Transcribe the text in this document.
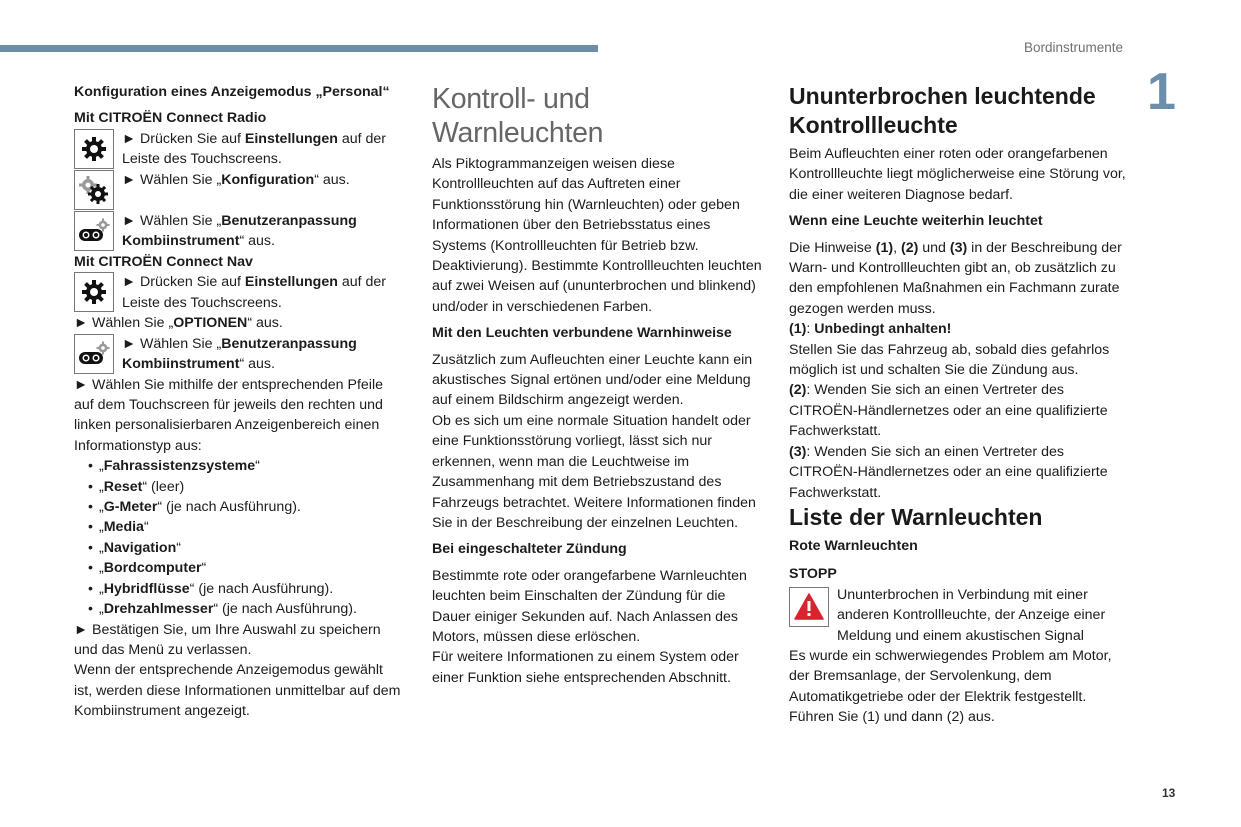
Bordinstrumente
1
13
Konfiguration eines Anzeigemodus „Personal“
Mit CITROËN Connect Radio

► Drücken Sie auf Einstellungen auf der Leiste des Touchscreens.

► Wählen Sie „Konfiguration“ aus.

► Wählen Sie „Benutzeranpassung Kombiinstrument“ aus.

Mit CITROËN Connect Nav

► Drücken Sie auf Einstellungen auf der Leiste des Touchscreens.

► Wählen Sie „OPTIONEN“ aus.

► Wählen Sie „Benutzeranpassung Kombiinstrument“ aus.

► Wählen Sie mithilfe der entsprechenden Pfeile auf dem Touchscreen für jeweils den rechten und linken personalisierbaren Anzeigenbereich einen Informationstyp aus:

• „Fahrassistenzsysteme“
• „Reset“ (leer)
• „G-Meter“ (je nach Ausführung).
• „Media“
• „Navigation“
• „Bordcomputer“
• „Hybridflüsse“ (je nach Ausführung).
• „Drehzahlmesser“ (je nach Ausführung).

► Bestätigen Sie, um Ihre Auswahl zu speichern und das Menü zu verlassen.

Wenn der entsprechende Anzeigemodus gewählt ist, werden diese Informationen unmittelbar auf dem Kombiinstrument angezeigt.

Kontroll- und Warnleuchten

Als Piktogrammanzeigen weisen diese Kontrollleuchten auf das Auftreten einer Funktionsstörung hin (Warnleuchten) oder geben Informationen über den Betriebsstatus eines Systems (Kontrollleuchten für Betrieb bzw. Deaktivierung). Bestimmte Kontrollleuchten leuchten auf zwei Weisen auf (ununterbrochen und blinkend) und/oder in verschiedenen Farben.

Mit den Leuchten verbundene Warnhinweise

Zusätzlich zum Aufleuchten einer Leuchte kann ein akustisches Signal ertönen und/oder eine Meldung auf einem Bildschirm angezeigt werden.

Ob es sich um eine normale Situation handelt oder eine Funktionsstörung vorliegt, lässt sich nur erkennen, wenn man die Leuchtweise im Zusammenhang mit dem Betriebszustand des Fahrzeugs betrachtet. Weitere Informationen finden Sie in der Beschreibung der einzelnen Leuchten.

Bei eingeschalteter Zündung

Bestimmte rote oder orangefarbene Warnleuchten leuchten beim Einschalten der Zündung für die Dauer einiger Sekunden auf. Nach Anlassen des Motors, müssen diese erlöschen.

Für weitere Informationen zu einem System oder einer Funktion siehe entsprechenden Abschnitt.

Ununterbrochen leuchtende Kontrollleuchte

Beim Aufleuchten einer roten oder orangefarbenen Kontrollleuchte liegt möglicherweise eine Störung vor, die einer weiteren Diagnose bedarf.

Wenn eine Leuchte weiterhin leuchtet

Die Hinweise (1), (2) und (3) in der Beschreibung der Warn- und Kontrollleuchten gibt an, ob zusätzlich zu den empfohlenen Maßnahmen ein Fachmann zurate gezogen werden muss.

(1): Unbedingt anhalten!

Stellen Sie das Fahrzeug ab, sobald dies gefahrlos möglich ist und schalten Sie die Zündung aus.

(2): Wenden Sie sich an einen Vertreter des CITROËN-Händlernetzes oder an eine qualifizierte Fachwerkstatt.

(3): Wenden Sie sich an einen Vertreter des CITROËN-Händlernetzes oder an eine qualifizierte Fachwerkstatt.

Liste der Warnleuchten
Rote Warnleuchten
STOPP

Ununterbrochen in Verbindung mit einer anderen Kontrollleuchte, der Anzeige einer Meldung und einem akustischen Signal

Es wurde ein schwerwiegendes Problem am Motor, der Bremsanlage, der Servolenkung, dem Automatikgetriebe oder der Elektrik festgestellt.

Führen Sie (1) und dann (2) aus.
